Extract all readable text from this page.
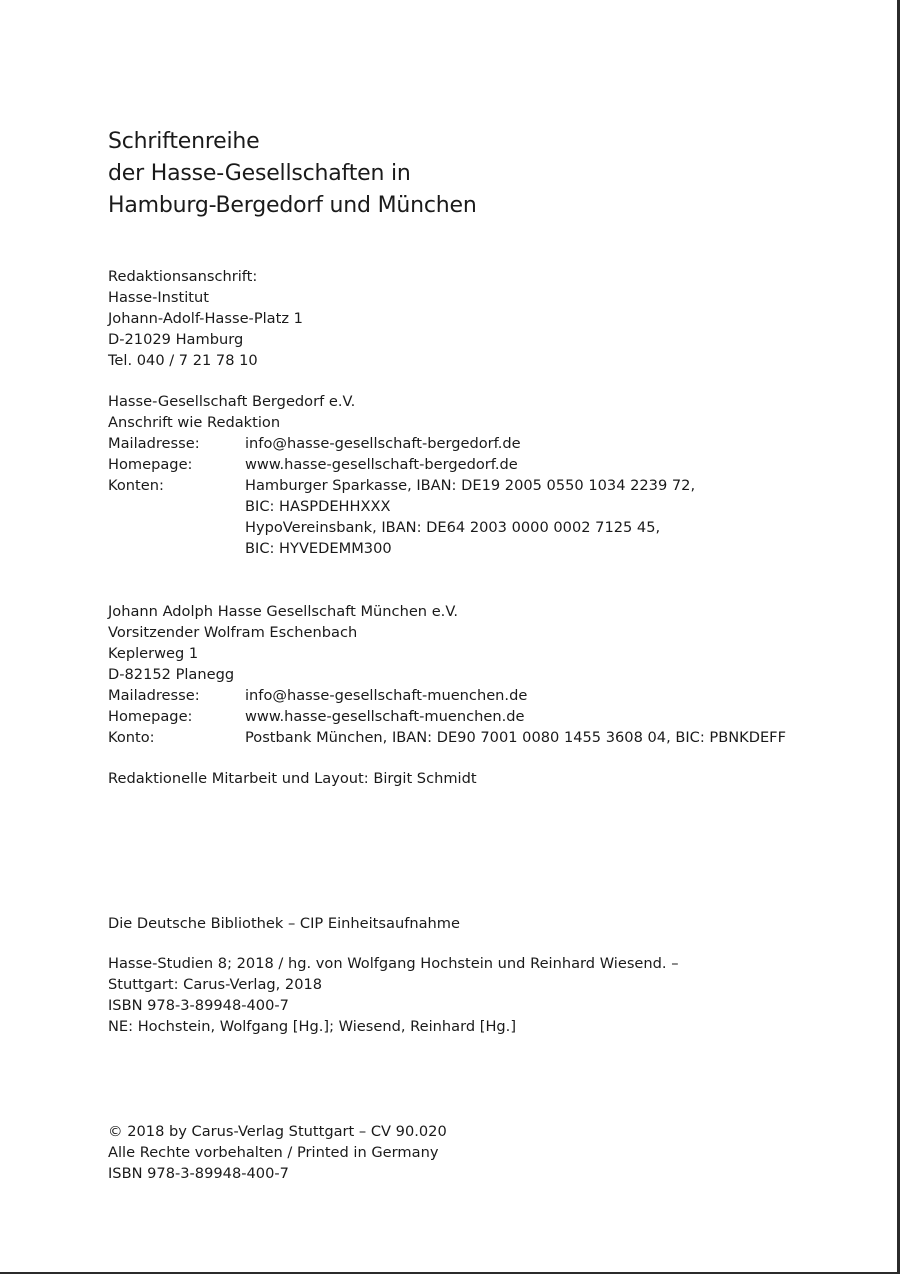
Schriftenreihe
der Hasse-Gesellschaften in
Hamburg-Bergedorf und München
Redaktionsanschrift:
Hasse-Institut
Johann-Adolf-Hasse-Platz 1
D-21029 Hamburg
Tel. 040 / 7 21 78 10
Hasse-Gesellschaft Bergedorf e.V.
Anschrift wie Redaktion
Mailadresse:	info@hasse-gesellschaft-bergedorf.de
Homepage:	www.hasse-gesellschaft-bergedorf.de
Konten:	Hamburger Sparkasse, IBAN: DE19 2005 0550 1034 2239 72,
BIC: HASPDEHHXXX
HypoVereinsbank, IBAN: DE64 2003 0000 0002 7125 45,
BIC: HYVEDEMM300
Johann Adolph Hasse Gesellschaft München e.V.
Vorsitzender Wolfram Eschenbach
Keplerweg 1
D-82152 Planegg
Mailadresse:	info@hasse-gesellschaft-muenchen.de
Homepage:	www.hasse-gesellschaft-muenchen.de
Konto:	Postbank München, IBAN: DE90 7001 0080 1455 3608 04, BIC: PBNKDEFF
Redaktionelle Mitarbeit und Layout: Birgit Schmidt
Die Deutsche Bibliothek – CIP Einheitsaufnahme
Hasse-Studien 8; 2018 / hg. von Wolfgang Hochstein und Reinhard Wiesend. –
Stuttgart: Carus-Verlag, 2018
ISBN 978-3-89948-400-7
NE: Hochstein, Wolfgang [Hg.]; Wiesend, Reinhard [Hg.]
© 2018 by Carus-Verlag Stuttgart – CV 90.020
Alle Rechte vorbehalten / Printed in Germany
ISBN 978-3-89948-400-7
